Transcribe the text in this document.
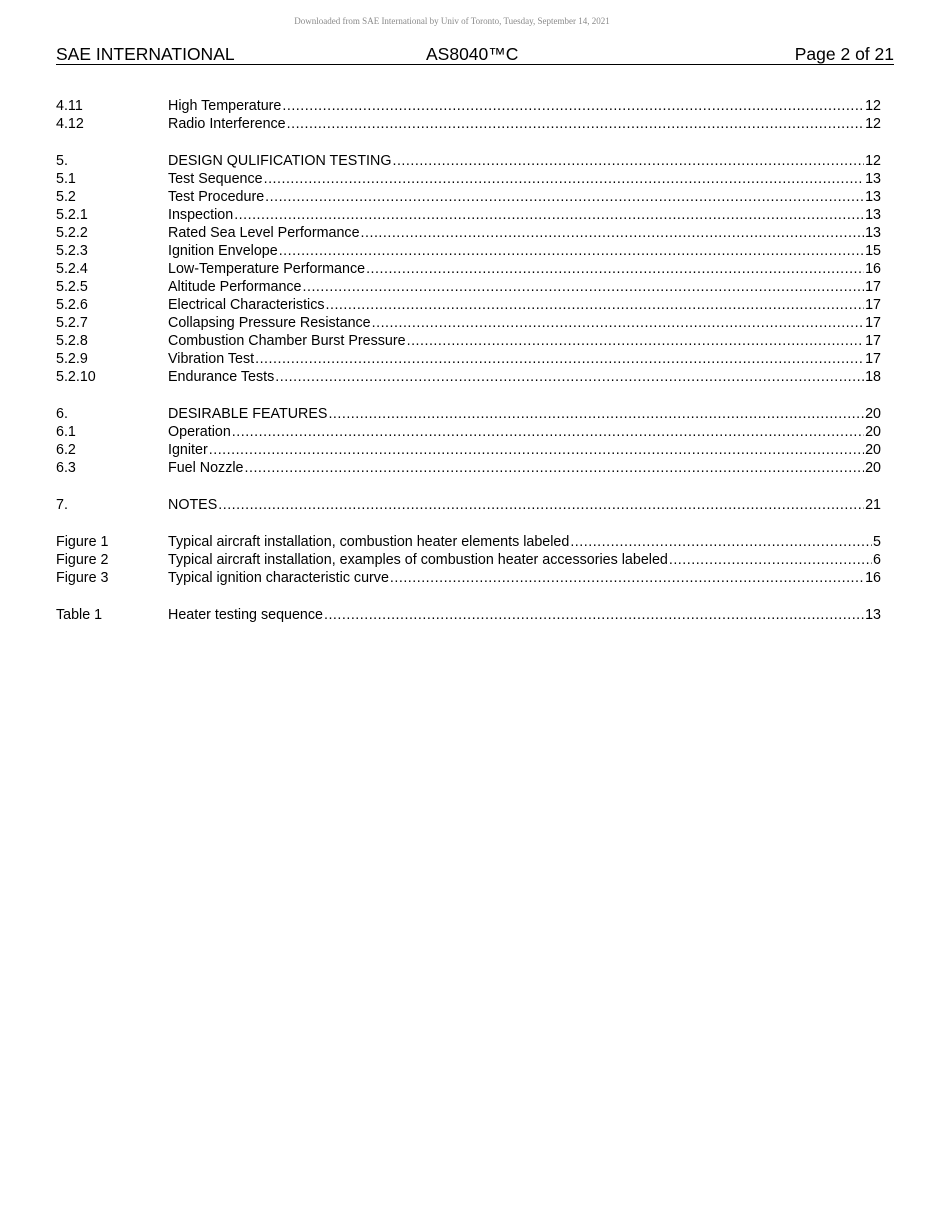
Downloaded from SAE International by Univ of Toronto, Tuesday, September 14, 2021
SAE INTERNATIONAL	AS8040™C	Page 2 of 21
4.11	High Temperature .....	12
4.12	Radio Interference .....	12
5.	DESIGN QULIFICATION TESTING .....	12
5.1	Test Sequence .....	13
5.2	Test Procedure .....	13
5.2.1	Inspection .....	13
5.2.2	Rated Sea Level Performance .....	13
5.2.3	Ignition Envelope .....	15
5.2.4	Low-Temperature Performance .....	16
5.2.5	Altitude Performance .....	17
5.2.6	Electrical Characteristics .....	17
5.2.7	Collapsing Pressure Resistance .....	17
5.2.8	Combustion Chamber Burst Pressure .....	17
5.2.9	Vibration Test .....	17
5.2.10	Endurance Tests .....	18
6.	DESIRABLE FEATURES .....	20
6.1	Operation .....	20
6.2	Igniter .....	20
6.3	Fuel Nozzle .....	20
7.	NOTES .....	21
Figure 1	Typical aircraft installation, combustion heater elements labeled .....	5
Figure 2	Typical aircraft installation, examples of combustion heater accessories labeled .....	6
Figure 3	Typical ignition characteristic curve .....	16
Table 1	Heater testing sequence .....	13
